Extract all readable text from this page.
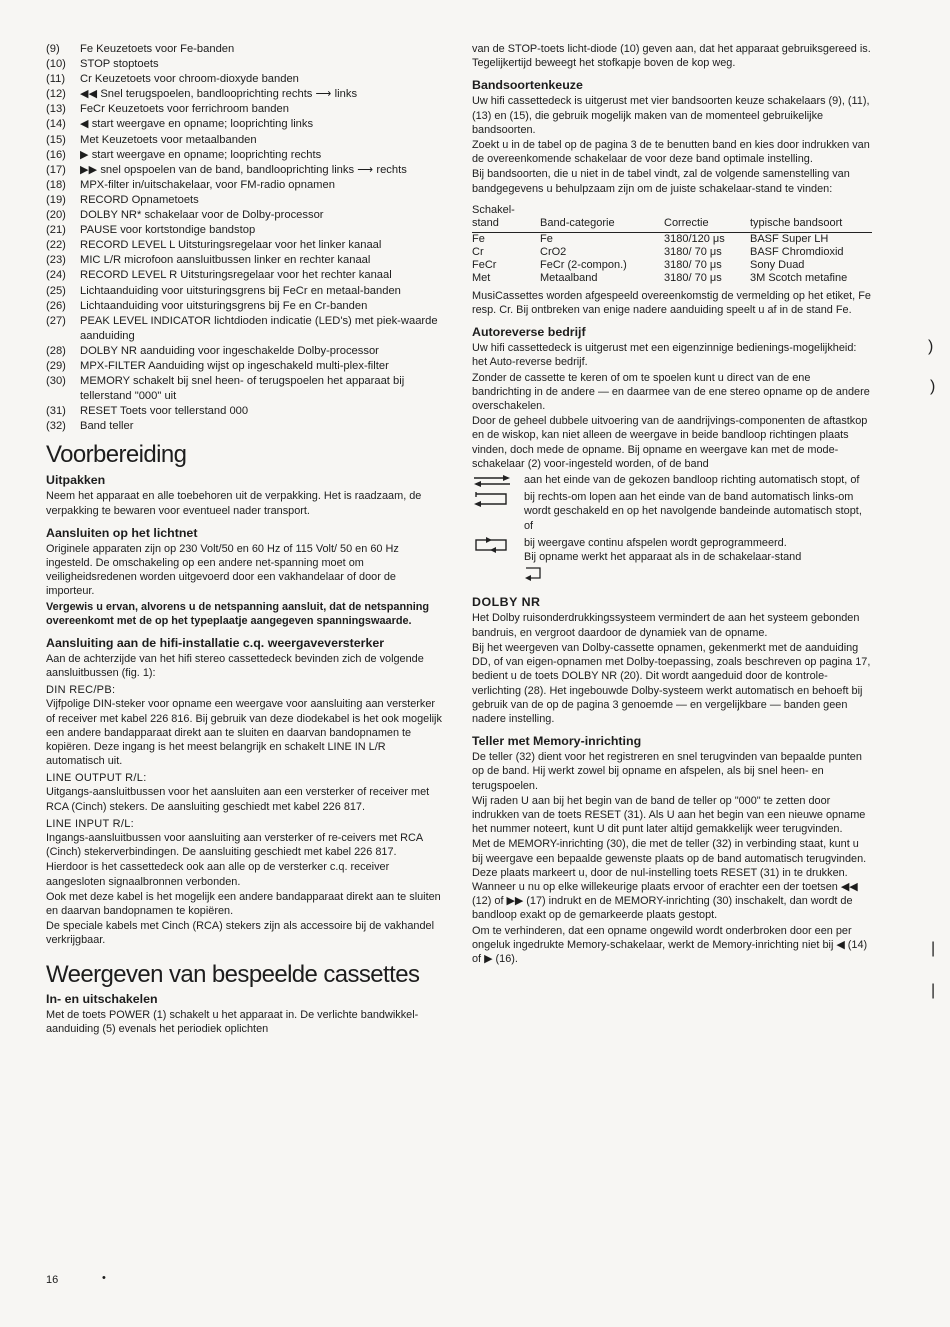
(9)	Fe Keuzetoets voor Fe-banden
(10)	STOP stoptoets
(11)	Cr Keuzetoets voor chroom-dioxyde banden
(12)	◀◀ Snel terugspoelen, bandlooprichting rechts ⟶ links
(13)	FeCr Keuzetoets voor ferrichroom banden
(14)	◀ start weergave en opname; looprichting links
(15)	Met Keuzetoets voor metaalbanden
(16)	▶ start weergave en opname; looprichting rechts
(17)	▶▶ snel opspoelen van de band, bandlooprichting links ⟶ rechts
(18)	MPX-filter in/uitschakelaar, voor FM-radio opnamen
(19)	RECORD Opnametoets
(20)	DOLBY NR* schakelaar voor de Dolby-processor
(21)	PAUSE voor kortstondige bandstop
(22)	RECORD LEVEL L Uitsturingsregelaar voor het linker kanaal
(23)	MIC L/R microfoon aansluitbussen linker en rechter kanaal
(24)	RECORD LEVEL R Uitsturingsregelaar voor het rechter kanaal
(25)	Lichtaanduiding voor uitsturingsgrens bij FeCr en metaal-banden
(26)	Lichtaanduiding voor uitsturingsgrens bij Fe en Cr-banden
(27)	PEAK LEVEL INDICATOR lichtdioden indicatie (LED's) met piek-waarde aanduiding
(28)	DOLBY NR aanduiding voor ingeschakelde Dolby-processor
(29)	MPX-FILTER Aanduiding wijst op ingeschakeld multi-plex-filter
(30)	MEMORY schakelt bij snel heen- of terugspoelen het apparaat bij tellerstand "000" uit
(31)	RESET Toets voor tellerstand 000
(32)	Band teller
Voorbereiding
Uitpakken
Neem het apparaat en alle toebehoren uit de verpakking. Het is raadzaam, de verpakking te bewaren voor eventueel nader transport.
Aansluiten op het lichtnet
Originele apparaten zijn op 230 Volt/50 en 60 Hz of 115 Volt/ 50 en 60 Hz ingesteld. De omschakeling op een andere net-spanning moet om veiligheidsredenen worden uitgevoerd door een vakhandelaar of door de importeur.
Vergewis u ervan, alvorens u de netspanning aansluit, dat de netspanning overeenkomt met de op het typeplaatje aangegeven spanningswaarde.
Aansluiting aan de hifi-installatie c.q. weergaveversterker
Aan de achterzijde van het hifi stereo cassettedeck bevinden zich de volgende aansluitbussen (fig. 1):
DIN REC/PB:
Vijfpolige DIN-steker voor opname een weergave voor aansluiting aan versterker of receiver met kabel 226 816. Bij gebruik van deze diodekabel is het ook mogelijk een andere bandapparaat direkt aan te sluiten en daarvan bandopnamen te kopiëren. Deze ingang is het meest belangrijk en schakelt LINE IN L/R automatisch uit.
LINE OUTPUT R/L:
Uitgangs-aansluitbussen voor het aansluiten aan een versterker of receiver met RCA (Cinch) stekers. De aansluiting geschiedt met kabel 226 817.
LINE INPUT R/L:
Ingangs-aansluitbussen voor aansluiting aan versterker of re-ceivers met RCA (Cinch) stekerverbindingen. De aansluiting geschiedt met kabel 226 817.
Hierdoor is het cassettedeck ook aan alle op de versterker c.q. receiver aangesloten signaalbronnen verbonden.
Ook met deze kabel is het mogelijk een andere bandapparaat direkt aan te sluiten en daarvan bandopnamen te kopiëren.
De speciale kabels met Cinch (RCA) stekers zijn als accessoire bij de vakhandel verkrijgbaar.
Weergeven van bespeelde cassettes
In- en uitschakelen
Met de toets POWER (1) schakelt u het apparaat in. De verlichte bandwikkel-aanduiding (5) evenals het periodiek oplichten
van de STOP-toets licht-diode (10) geven aan, dat het apparaat gebruiksgereed is. Tegelijkertijd beweegt het stofkapje boven de kop weg.
Bandsoortenkeuze
Uw hifi cassettedeck is uitgerust met vier bandsoorten keuze schakelaars (9), (11), (13) en (15), die gebruik mogelijk maken van de momenteel gebruikelijke bandsoorten.
Zoekt u in de tabel op de pagina 3 de te benutten band en kies door indrukken van de overeenkomende schakelaar de voor deze band optimale instelling.
Bij bandsoorten, die u niet in de tabel vindt, zal de volgende samenstelling van bandgegevens u behulpzaam zijn om de juiste schakelaar-stand te vinden:
Schakel-stand	Band-categorie	Correctie	typische bandsoort
Fe	Fe	3180/120 μs	BASF Super LH
Cr	CrO2	3180/ 70 μs	BASF Chromdioxid
FeCr	FeCr (2-compon.)	3180/ 70 μs	Sony Duad
Met	Metaalband	3180/ 70 μs	3M Scotch metafine
MusiCassettes worden afgespeeld overeenkomstig de vermelding op het etiket, Fe resp. Cr. Bij ontbreken van enige nadere aanduiding speelt u af in de stand Fe.
Autoreverse bedrijf
Uw hifi cassettedeck is uitgerust met een eigenzinnige bedienings-mogelijkheid: het Auto-reverse bedrijf.
Zonder de cassette te keren of om te spoelen kunt u direct van de ene bandrichting in de andere — en daarmee van de ene stereo opname op de andere overschakelen.
Door de geheel dubbele uitvoering van de aandrijvings-componenten de aftastkop en de wiskop, kan niet alleen de weergave in beide bandloop richtingen plaats vinden, doch mede de opname. Bij opname en weergave kan met de mode-schakelaar (2) voor-ingesteld worden, of de band
aan het einde van de gekozen bandloop richting automatisch stopt, of
bij rechts-om lopen aan het einde van de band automatisch links-om wordt geschakeld en op het navolgende bandeinde automatisch stopt, of
bij weergave continu afspelen wordt geprogrammeerd.
Bij opname werkt het apparaat als in de schakelaar-stand

DOLBY NR
Het Dolby ruisonderdrukkingssysteem vermindert de aan het systeem gebonden bandruis, en vergroot daardoor de dynamiek van de opname.
Bij het weergeven van Dolby-cassette opnamen, gekenmerkt met de aanduiding DD, of van eigen-opnamen met Dolby-toepassing, zoals beschreven op pagina 17, bedient u de toets DOLBY NR (20). Dit wordt aangeduid door de kontrole-verlichting (28). Het ingebouwde Dolby-systeem werkt automatisch en behoeft bij gebruik van de op de pagina 3 genoemde — en vergelijkbare — banden geen nadere instelling.
Teller met Memory-inrichting
De teller (32) dient voor het registreren en snel terugvinden van bepaalde punten op de band. Hij werkt zowel bij opname en afspelen, als bij snel heen- en terugspoelen.
Wij raden U aan bij het begin van de band de teller op "000" te zetten door indrukken van de toets RESET (31). Als U aan het begin van een nieuwe opname het nummer noteert, kunt U dit punt later altijd gemakkelijk weer terugvinden.
Met de MEMORY-inrichting (30), die met de teller (32) in verbinding staat, kunt u bij weergave een bepaalde gewenste plaats op de band automatisch terugvinden. Deze plaats markeert u, door de nul-instelling toets RESET (31) in te drukken. Wanneer u nu op elke willekeurige plaats ervoor of erachter een der toetsen ◀◀ (12) of ▶▶ (17) indrukt en de MEMORY-inrichting (30) inschakelt, dan wordt de bandloop exakt op de gemarkeerde plaats gestopt.
Om te verhinderen, dat een opname ongewild wordt onderbroken door een per ongeluk ingedrukte Memory-schakelaar, werkt de Memory-inrichting niet bij ◀ (14) of ▶ (16).
16	•
)
)
|
|
